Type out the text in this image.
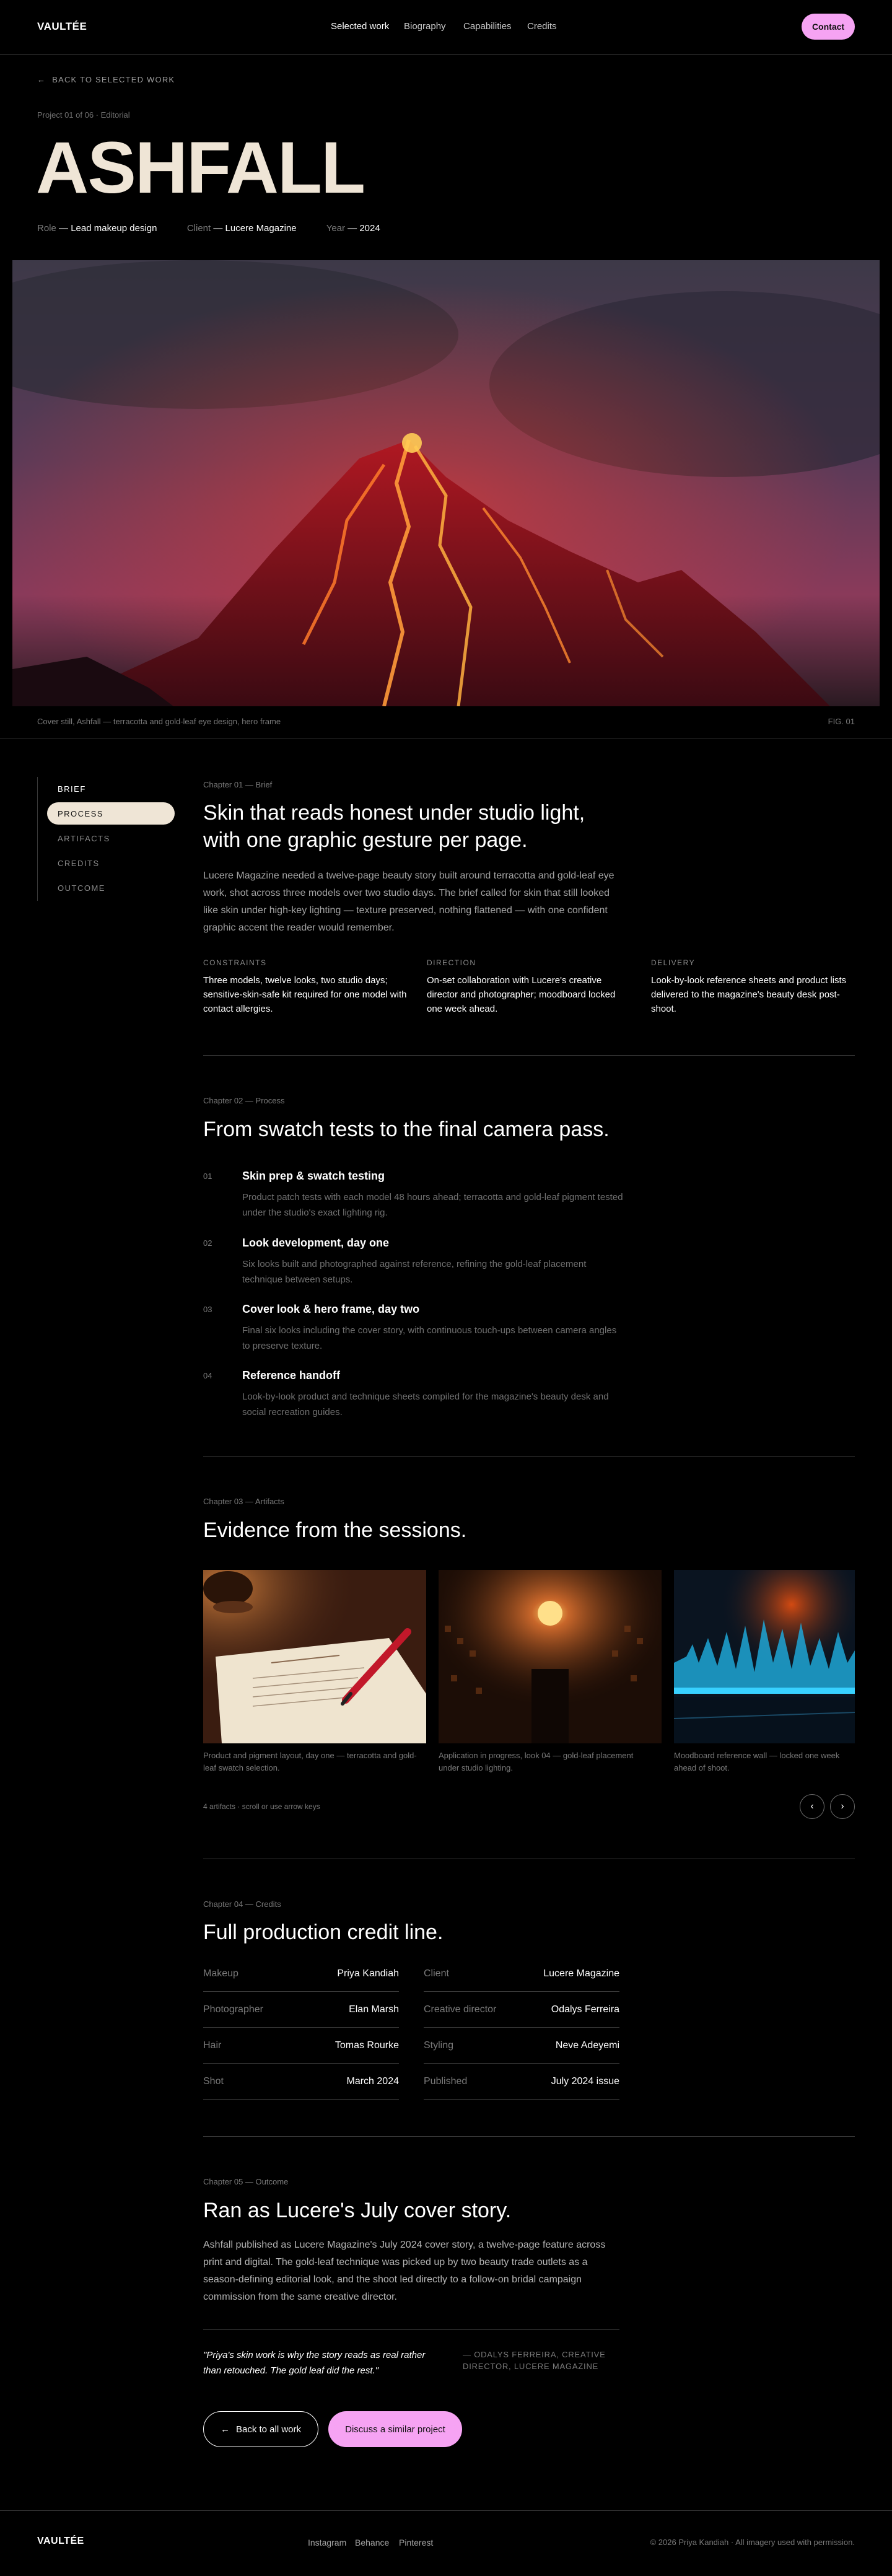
VAULTÉE	Selected work Biography Capabilities Credits	Contact
← BACK TO SELECTED WORK
Project 01 of 06 · Editorial
ASHFALL
Role — Lead makeup design	Client — Lucere Magazine	Year — 2024
Cover still, Ashfall — terracotta and gold-leaf eye design, hero frame	FIG. 01
BRIEF
PROCESS
ARTIFACTS
CREDITS
OUTCOME
Chapter 01 — Brief
Skin that reads honest under studio light,
with one graphic gesture per page.

Lucere Magazine needed a twelve-page beauty story built around terracotta and gold-leaf eye work, shot across three models over two studio days. The brief called for skin that still looked like skin under high-key lighting — texture preserved, nothing flattened — with one confident graphic accent the reader would remember.

CONSTRAINTS
Three models, twelve looks, two studio days; sensitive-skin-safe kit required for one model with contact allergies.
DIRECTION
On-set collaboration with Lucere's creative director and photographer; moodboard locked one week ahead.
DELIVERY
Look-by-look reference sheets and product lists delivered to the magazine's beauty desk post-shoot.
Chapter 02 — Process
From swatch tests to the final camera pass.
01	Skin prep & swatch testing
Product patch tests with each model 48 hours ahead; terracotta and gold-leaf pigment tested under the studio's exact lighting rig.
02	Look development, day one
Six looks built and photographed against reference, refining the gold-leaf placement technique between setups.
03	Cover look & hero frame, day two
Final six looks including the cover story, with continuous touch-ups between camera angles to preserve texture.
04	Reference handoff
Look-by-look product and technique sheets compiled for the magazine's beauty desk and social recreation guides.
Chapter 03 — Artifacts
Evidence from the sessions.
Product and pigment layout, day one — terracotta and gold-leaf swatch selection.
Application in progress, look 04 — gold-leaf placement under studio lighting.
Moodboard reference wall — locked one week ahead of shoot.
4 artifacts · scroll or use arrow keys	‹	›
Chapter 04 — Credits
Full production credit line.
Makeup	Priya Kandiah
Photographer	Elan Marsh
Hair	Tomas Rourke
Shot	March 2024
Client	Lucere Magazine
Creative director	Odalys Ferreira
Styling	Neve Adeyemi
Published	July 2024 issue
Chapter 05 — Outcome
Ran as Lucere's July cover story.

Ashfall published as Lucere Magazine's July 2024 cover story, a twelve-page feature across print and digital. The gold-leaf technique was picked up by two beauty trade outlets as a season-defining editorial look, and the shoot led directly to a follow-on bridal campaign commission from the same creative director.

"Priya's skin work is why the story reads as real rather than retouched. The gold leaf did the rest."
— ODALYS FERREIRA, CREATIVE DIRECTOR, LUCERE MAGAZINE
← Back to all work	Discuss a similar project
VAULTÉE	Instagram Behance Pinterest	© 2026 Priya Kandiah · All imagery used with permission.
